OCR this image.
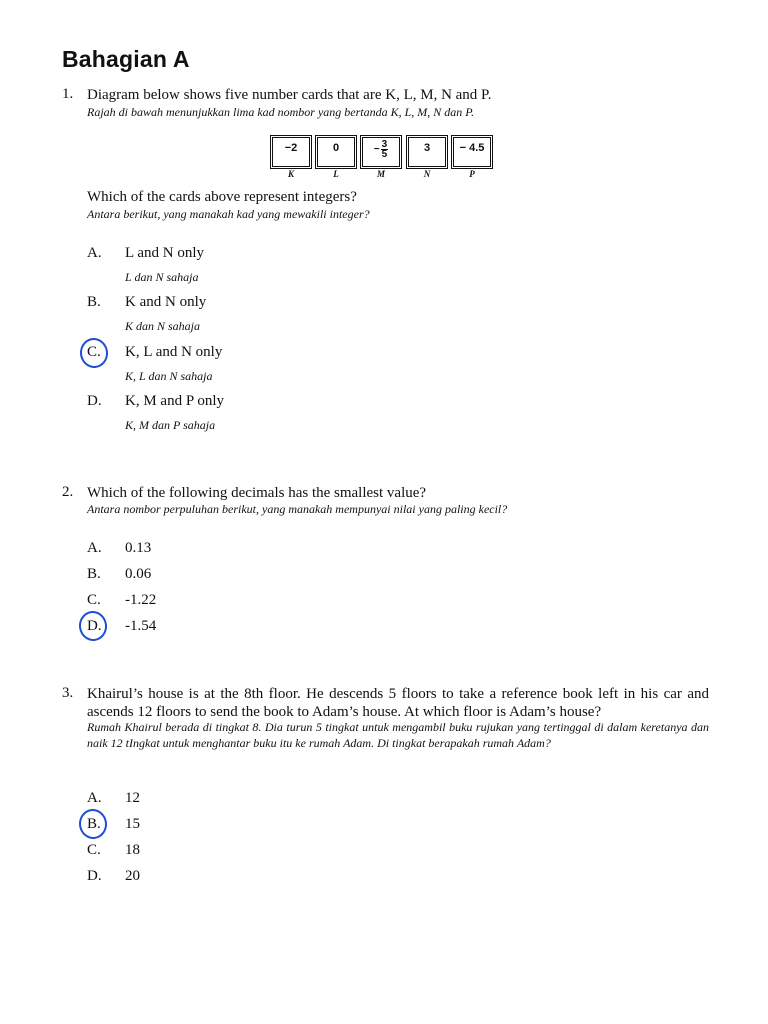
Bahagian A
1. Diagram below shows five number cards that are K, L, M, N and P.
Rajah di bawah menunjukkan lima kad nombor yang bertanda K, L, M, N dan P.
−2
K
0
L
− $\frac{3}{5}$
M
3
N
− 4.5
P
Which of the cards above represent integers?
Antara berikut, yang manakah kad yang mewakili integer?
A. L and N only
L dan N sahaja
B. K and N only
K dan N sahaja
C. K, L and N only
K, L dan N sahaja
D. K, M and P only
K, M dan P sahaja
2. Which of the following decimals has the smallest value?
Antara nombor perpuluhan berikut, yang manakah mempunyai nilai yang paling kecil?
A. 0.13
B. 0.06
C. -1.22
D. -1.54
3. Khairul’s house is at the 8th floor. He descends 5 floors to take a reference book left in his car and ascends 12 floors to send the book to Adam’s house. At which floor is Adam’s house?
Rumah Khairul berada di tingkat 8. Dia turun 5 tingkat untuk mengambil buku rujukan yang tertinggal di dalam keretanya dan naik 12 tIngkat untuk menghantar buku itu ke rumah Adam. Di tingkat berapakah rumah Adam?
A. 12
B. 15
C. 18
D. 20
